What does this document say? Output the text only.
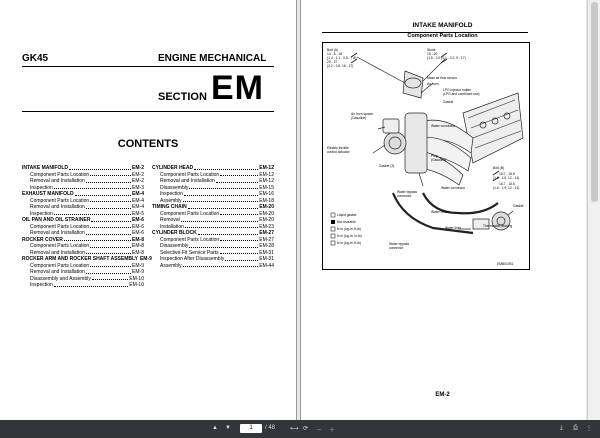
GK45	ENGINE MECHANICAL
SECTION EM
CONTENTS
INTAKE MANIFOLD	EM-2
Component Parts Location	EM-2
Removal and Installation	EM-2
Inspection	EM-3
EXHAUST MANIFOLD	EM-4
Component Parts Location	EM-4
Removal and Installation	EM-4
Inspection	EM-5
OIL PAN AND OIL STRAINER	EM-6
Component Parts Location	EM-6
Removal and Installation	EM-6
ROCKER COVER	EM-8
Component Parts Location	EM-8
Removal and Installation	EM-8
ROCKER ARM AND ROCKER SHAFT ASSEMBLY EM-9
Component Parts Location	EM-9
Removal and Installation	EM-9
Disassembly and Assembly	EM-10
Inspection	EM-10
CYLINDER HEAD	EM-12
Component Parts Location	EM-12
Removal and Installation	EM-12
Disassembly	EM-15
Inspection	EM-16
Assembly	EM-18
TIMING CHAIN	EM-20
Component Parts Location	EM-20
Removal	EM-20
Installation	EM-23
CYLINDER BLOCK	EM-27
Component Parts Location	EM-27
Disassembly	EM-28
Selective-Fit Service Parts	EM-31
Inspection After Disassembly	EM-31
Assembly	EM-44
INTAKE MANIFOLD
Component Parts Location
Bolt (A)
14 - 8 - 18
(1.4 - 1.1 - 0.5 - 7.8)
20 - 37
(2.2 - 2.8, 16 - 27)
Studs
15 - 20
(1.5 - 2.0 (0.1 - 0.2, 9 - 17)
Mass air flow sensor
Air horn
LPG injector holder
(LPG and combined use)
Gasket
Air horn spacer
(Gasoline)
Water connector
Electric throttle
control actuator
Gasket (3)
Plug
(Gasoline)
Water bypass
connector
Water connector
Bolt (B)
16.7 - 18.6
(1.6 - 1.9, 12 - 14)
16.7 - 18.6
(1.6 - 1.9, 12 - 14)
Water hose
Gasket
Water inlet	Thermostat housing
Water bypass
connector
EMB01051
Liquid gasket
Not reusable
N·m (kg-m, ft-lb)
N·m (kg-m, in-lb)
N·m (kg-m, ft-lb)
EM-2
▲ ▼	1	/ 48 ⟷ ⟳ － ＋	⤓ ⎙ ⋮
